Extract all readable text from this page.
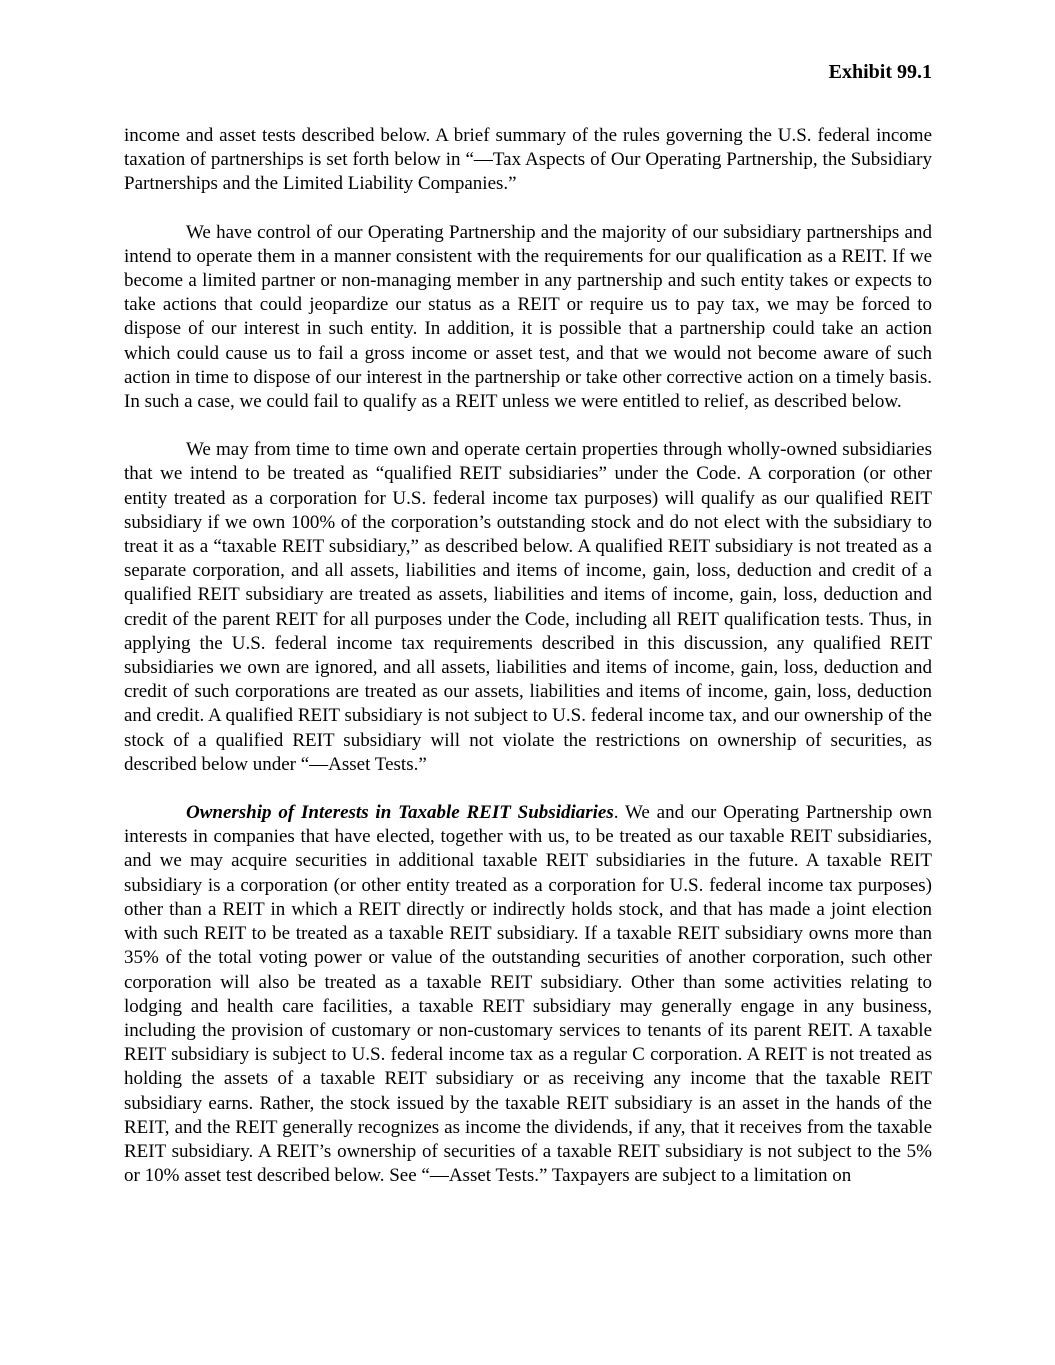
Exhibit 99.1

income and asset tests described below. A brief summary of the rules governing the U.S. federal income taxation of partnerships is set forth below in “—Tax Aspects of Our Operating Partnership, the Subsidiary Partnerships and the Limited Liability Companies.”

We have control of our Operating Partnership and the majority of our subsidiary partnerships and intend to operate them in a manner consistent with the requirements for our qualification as a REIT. If we become a limited partner or non-managing member in any partnership and such entity takes or expects to take actions that could jeopardize our status as a REIT or require us to pay tax, we may be forced to dispose of our interest in such entity. In addition, it is possible that a partnership could take an action which could cause us to fail a gross income or asset test, and that we would not become aware of such action in time to dispose of our interest in the partnership or take other corrective action on a timely basis. In such a case, we could fail to qualify as a REIT unless we were entitled to relief, as described below.

We may from time to time own and operate certain properties through wholly-owned subsidiaries that we intend to be treated as “qualified REIT subsidiaries” under the Code. A corporation (or other entity treated as a corporation for U.S. federal income tax purposes) will qualify as our qualified REIT subsidiary if we own 100% of the corporation’s outstanding stock and do not elect with the subsidiary to treat it as a “taxable REIT subsidiary,” as described below. A qualified REIT subsidiary is not treated as a separate corporation, and all assets, liabilities and items of income, gain, loss, deduction and credit of a qualified REIT subsidiary are treated as assets, liabilities and items of income, gain, loss, deduction and credit of the parent REIT for all purposes under the Code, including all REIT qualification tests. Thus, in applying the U.S. federal income tax requirements described in this discussion, any qualified REIT subsidiaries we own are ignored, and all assets, liabilities and items of income, gain, loss, deduction and credit of such corporations are treated as our assets, liabilities and items of income, gain, loss, deduction and credit. A qualified REIT subsidiary is not subject to U.S. federal income tax, and our ownership of the stock of a qualified REIT subsidiary will not violate the restrictions on ownership of securities, as described below under “—Asset Tests.”

Ownership of Interests in Taxable REIT Subsidiaries. We and our Operating Partnership own interests in companies that have elected, together with us, to be treated as our taxable REIT subsidiaries, and we may acquire securities in additional taxable REIT subsidiaries in the future. A taxable REIT subsidiary is a corporation (or other entity treated as a corporation for U.S. federal income tax purposes) other than a REIT in which a REIT directly or indirectly holds stock, and that has made a joint election with such REIT to be treated as a taxable REIT subsidiary. If a taxable REIT subsidiary owns more than 35% of the total voting power or value of the outstanding securities of another corporation, such other corporation will also be treated as a taxable REIT subsidiary. Other than some activities relating to lodging and health care facilities, a taxable REIT subsidiary may generally engage in any business, including the provision of customary or non-customary services to tenants of its parent REIT. A taxable REIT subsidiary is subject to U.S. federal income tax as a regular C corporation. A REIT is not treated as holding the assets of a taxable REIT subsidiary or as receiving any income that the taxable REIT subsidiary earns. Rather, the stock issued by the taxable REIT subsidiary is an asset in the hands of the REIT, and the REIT generally recognizes as income the dividends, if any, that it receives from the taxable REIT subsidiary. A REIT’s ownership of securities of a taxable REIT subsidiary is not subject to the 5% or 10% asset test described below. See “—Asset Tests.” Taxpayers are subject to a limitation on
